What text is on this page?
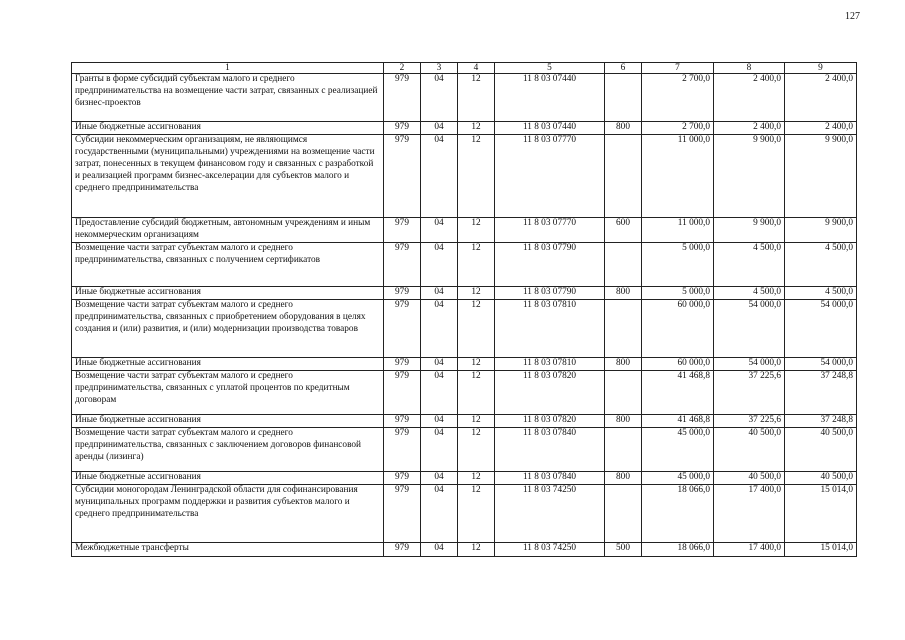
127
1	2	3	4	5	6	7	8	9
Гранты в форме субсидий субъектам малого и среднего предпринимательства на возмещение части затрат, связанных с реализацией бизнес-проектов	979	04	12	11 8 03 07440		2 700,0	2 400,0	2 400,0
Иные бюджетные ассигнования	979	04	12	11 8 03 07440	800	2 700,0	2 400,0	2 400,0
Субсидии некоммерческим организациям, не являющимся государственными (муниципальными) учреждениями на возмещение части затрат, понесенных в текущем финансовом году и связанных с разработкой и реализацией программ бизнес-акселерации для субъектов малого и среднего предпринимательства	979	04	12	11 8 03 07770		11 000,0	9 900,0	9 900,0
Предоставление субсидий бюджетным, автономным учреждениям и иным некоммерческим организациям	979	04	12	11 8 03 07770	600	11 000,0	9 900,0	9 900,0
Возмещение части затрат субъектам малого и среднего предпринимательства, связанных с получением сертификатов	979	04	12	11 8 03 07790		5 000,0	4 500,0	4 500,0
Иные бюджетные ассигнования	979	04	12	11 8 03 07790	800	5 000,0	4 500,0	4 500,0
Возмещение части затрат субъектам малого и среднего предпринимательства, связанных с приобретением оборудования в целях создания и (или) развития, и (или) модернизации производства товаров	979	04	12	11 8 03 07810		60 000,0	54 000,0	54 000,0
Иные бюджетные ассигнования	979	04	12	11 8 03 07810	800	60 000,0	54 000,0	54 000,0
Возмещение части затрат субъектам малого и среднего предпринимательства, связанных с уплатой процентов по кредитным договорам	979	04	12	11 8 03 07820		41 468,8	37 225,6	37 248,8
Иные бюджетные ассигнования	979	04	12	11 8 03 07820	800	41 468,8	37 225,6	37 248,8
Возмещение части затрат субъектам малого и среднего предпринимательства, связанных с заключением договоров финансовой аренды (лизинга)	979	04	12	11 8 03 07840		45 000,0	40 500,0	40 500,0
Иные бюджетные ассигнования	979	04	12	11 8 03 07840	800	45 000,0	40 500,0	40 500,0
Субсидии моногородам Ленинградской области для софинансирования муниципальных программ поддержки и развития субъектов малого и среднего предпринимательства	979	04	12	11 8 03 74250		18 066,0	17 400,0	15 014,0
Межбюджетные трансферты	979	04	12	11 8 03 74250	500	18 066,0	17 400,0	15 014,0
